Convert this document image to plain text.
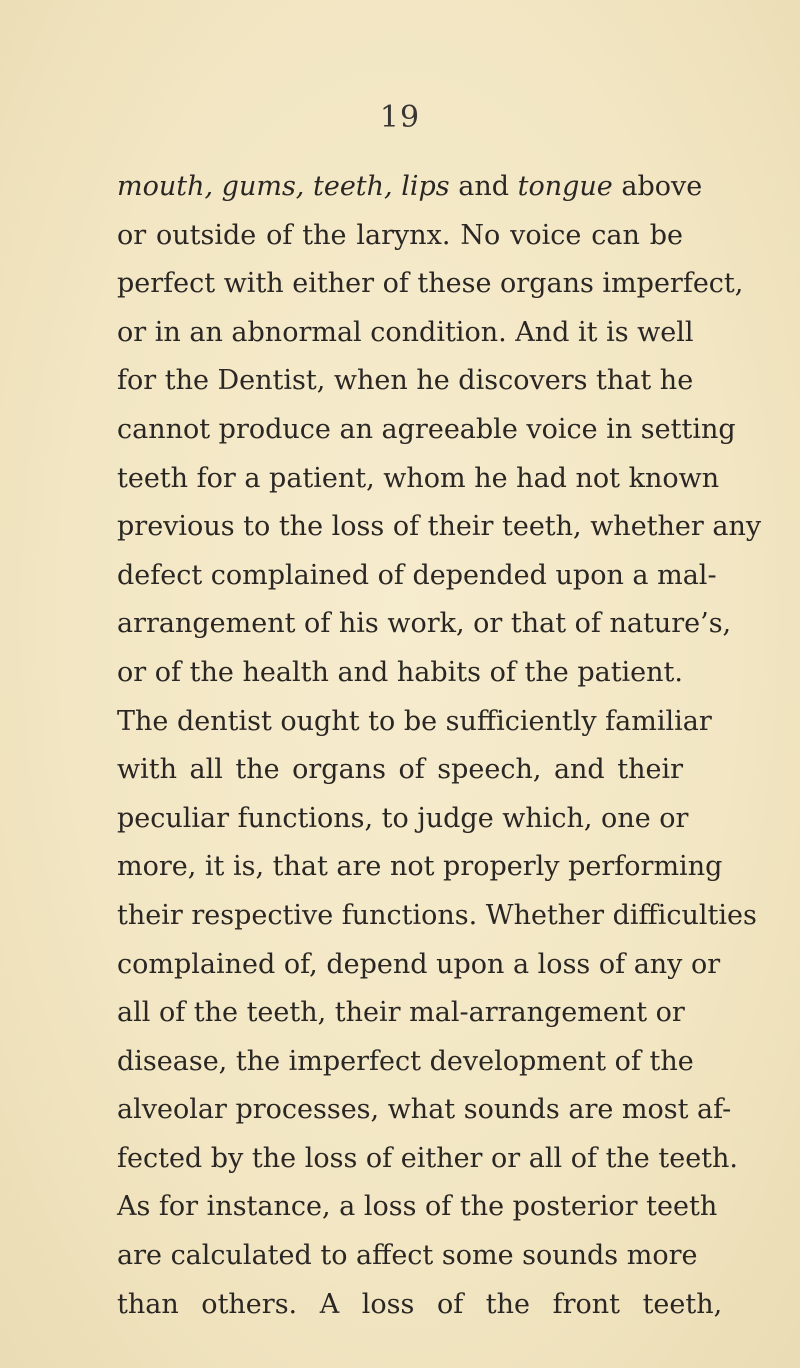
19
mouth, gums, teeth, lips and tongue above
or outside of the larynx. No voice can be
perfect with either of these organs imperfect,
or in an abnormal condition. And it is well
for the Dentist, when he discovers that he
cannot produce an agreeable voice in setting
teeth for a patient, whom he had not known
previous to the loss of their teeth, whether any
defect complained of depended upon a mal-
arrangement of his work, or that of nature’s,
or of the health and habits of the patient.
The dentist ought to be sufficiently familiar
with all the organs of speech, and their
peculiar functions, to judge which, one or
more, it is, that are not properly performing
their respective functions. Whether difficulties
complained of, depend upon a loss of any or
all of the teeth, their mal-arrangement or
disease, the imperfect development of the
alveolar processes, what sounds are most af-
fected by the loss of either or all of the teeth.
As for instance, a loss of the posterior teeth
are calculated to affect some sounds more
than others. A loss of the front teeth,
